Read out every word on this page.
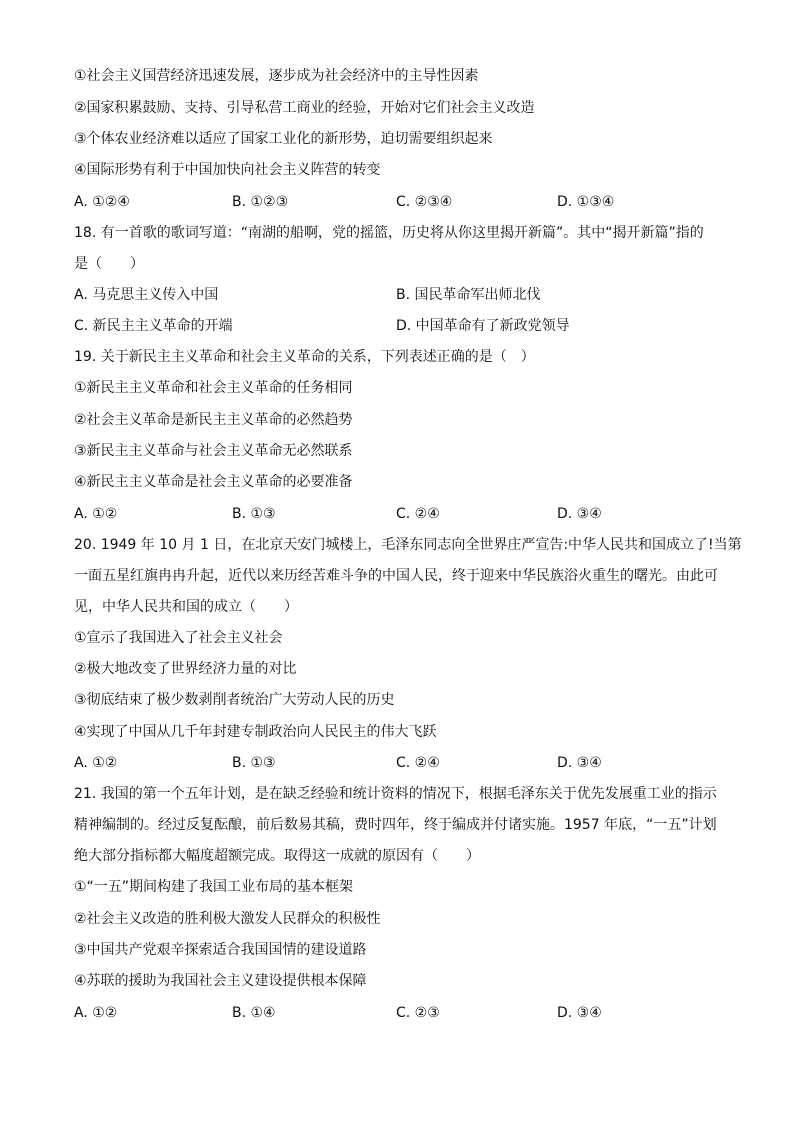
①社会主义国营经济迅速发展，逐步成为社会经济中的主导性因素
②国家积累鼓励、支持、引导私营工商业的经验，开始对它们社会主义改造
③个体农业经济难以适应了国家工业化的新形势，迫切需要组织起来
④国际形势有利于中国加快向社会主义阵营的转变
A. ①②④	B. ①②③	C. ②③④	D. ①③④
18. 有一首歌的歌词写道：“南湖的船啊，党的摇篮，历史将从你这里揭开新篇”。其中“揭开新篇”指的
是（　　）
A. 马克思主义传入中国	B. 国民革命军出师北伐
C. 新民主主义革命的开端	D. 中国革命有了新政党领导
19. 关于新民主主义革命和社会主义革命的关系，下列表述正确的是（　）
①新民主主义革命和社会主义革命的任务相同
②社会主义革命是新民主主义革命的必然趋势
③新民主主义革命与社会主义革命无必然联系
④新民主主义革命是社会主义革命的必要准备
A. ①②	B. ①③	C. ②④	D. ③④
20. 1949 年 10 月 1 日，在北京天安门城楼上，毛泽东同志向全世界庄严宣告:中华人民共和国成立了!当第
一面五星红旗冉冉升起，近代以来历经苦难斗争的中国人民，终于迎来中华民族浴火重生的曙光。由此可
见，中华人民共和国的成立（　　）
①宣示了我国进入了社会主义社会
②极大地改变了世界经济力量的对比
③彻底结束了极少数剥削者统治广大劳动人民的历史
④实现了中国从几千年封建专制政治向人民民主的伟大飞跃
A. ①②	B. ①③	C. ②④	D. ③④
21. 我国的第一个五年计划，是在缺乏经验和统计资料的情况下，根据毛泽东关于优先发展重工业的指示
精神编制的。经过反复酝酿，前后数易其稿，费时四年，终于编成并付诸实施。1957 年底，“一五”计划
绝大部分指标都大幅度超额完成。取得这一成就的原因有（　　）
①“一五”期间构建了我国工业布局的基本框架
②社会主义改造的胜利极大激发人民群众的积极性
③中国共产党艰辛探索适合我国国情的建设道路
④苏联的援助为我国社会主义建设提供根本保障
A. ①②	B. ①④	C. ②③	D. ③④
